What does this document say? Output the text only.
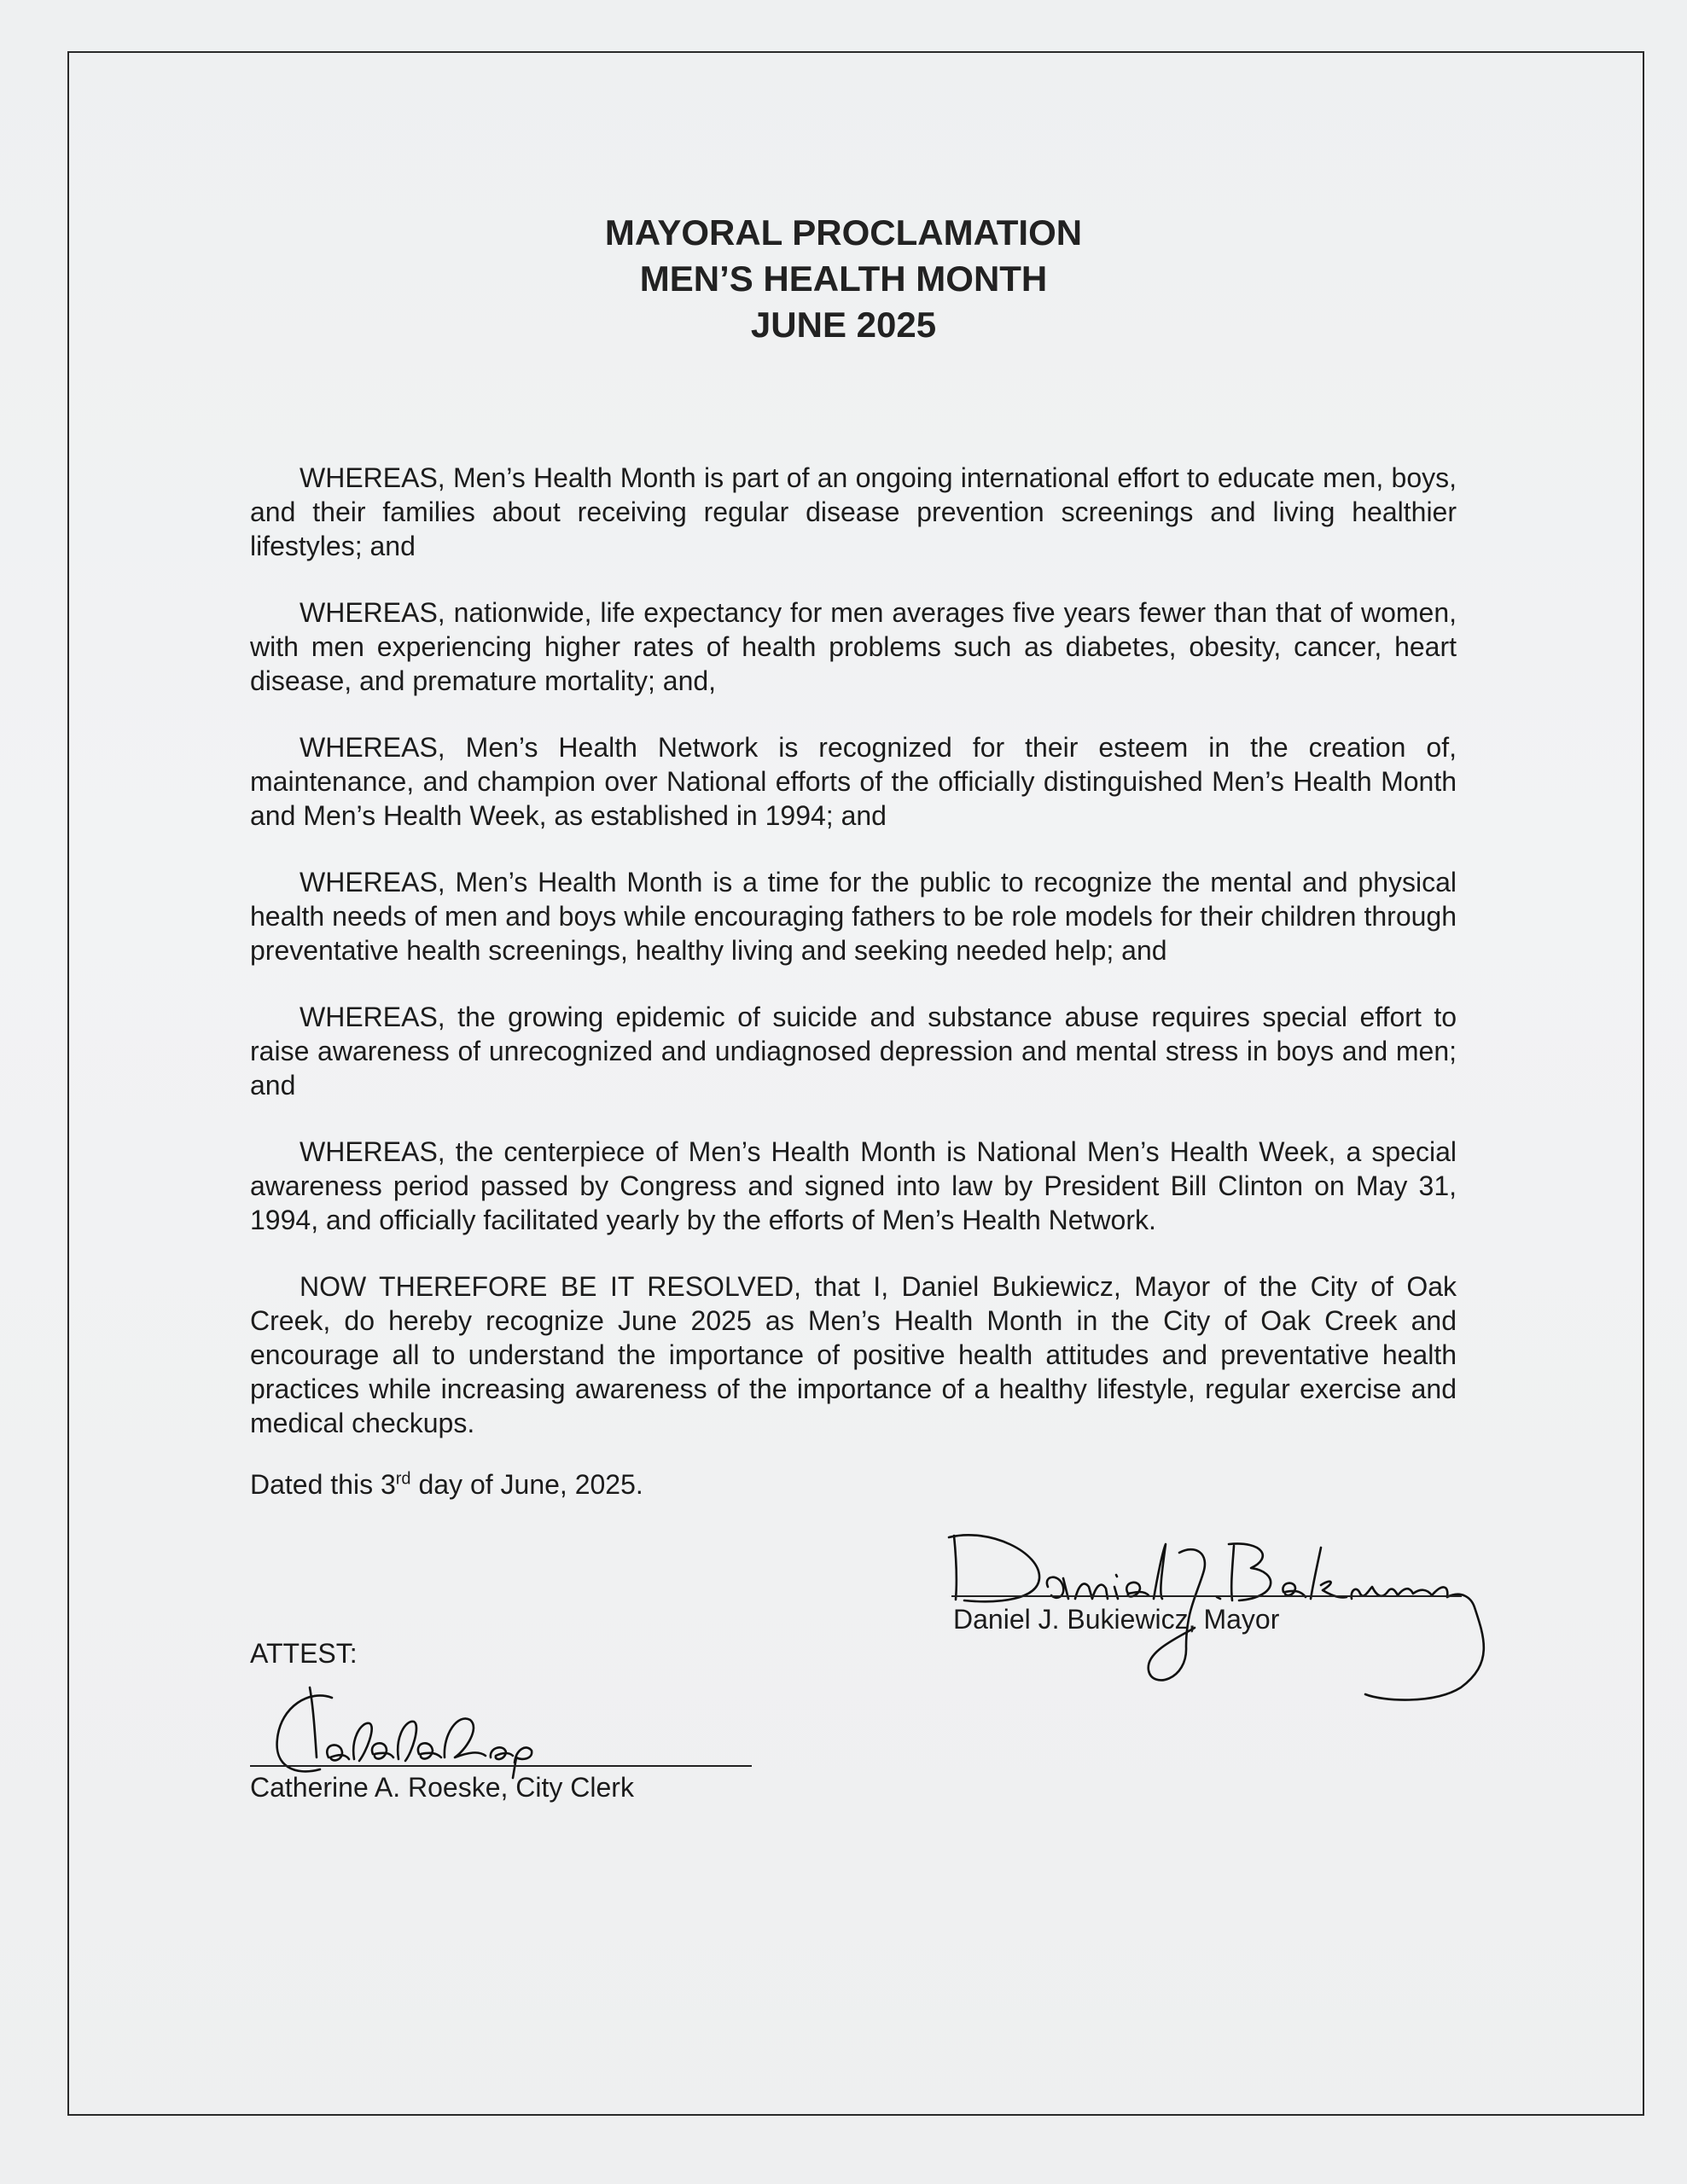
MAYORAL PROCLAMATION
MEN’S HEALTH MONTH
JUNE 2025

WHEREAS, Men’s Health Month is part of an ongoing international effort to educate men, boys, and their families about receiving regular disease prevention screenings and living healthier lifestyles; and

WHEREAS, nationwide, life expectancy for men averages five years fewer than that of women, with men experiencing higher rates of health problems such as diabetes, obesity, cancer, heart disease, and premature mortality; and,

WHEREAS, Men’s Health Network is recognized for their esteem in the creation of, maintenance, and champion over National efforts of the officially distinguished Men’s Health Month and Men’s Health Week, as established in 1994; and

WHEREAS, Men’s Health Month is a time for the public to recognize the mental and physical health needs of men and boys while encouraging fathers to be role models for their children through preventative health screenings, healthy living and seeking needed help; and

WHEREAS, the growing epidemic of suicide and substance abuse requires special effort to raise awareness of unrecognized and undiagnosed depression and mental stress in boys and men; and

WHEREAS, the centerpiece of Men’s Health Month is National Men’s Health Week, a special awareness period passed by Congress and signed into law by President Bill Clinton on May 31, 1994, and officially facilitated yearly by the efforts of Men’s Health Network.

NOW THEREFORE BE IT RESOLVED, that I, Daniel Bukiewicz, Mayor of the City of Oak Creek, do hereby recognize June 2025 as Men’s Health Month in the City of Oak Creek and encourage all to understand the importance of positive health attitudes and preventative health practices while increasing awareness of the importance of a healthy lifestyle, regular exercise and medical checkups.

Dated this 3rd day of June, 2025.
Daniel J. Bukiewicz, Mayor
ATTEST:
Catherine A. Roeske, City Clerk
